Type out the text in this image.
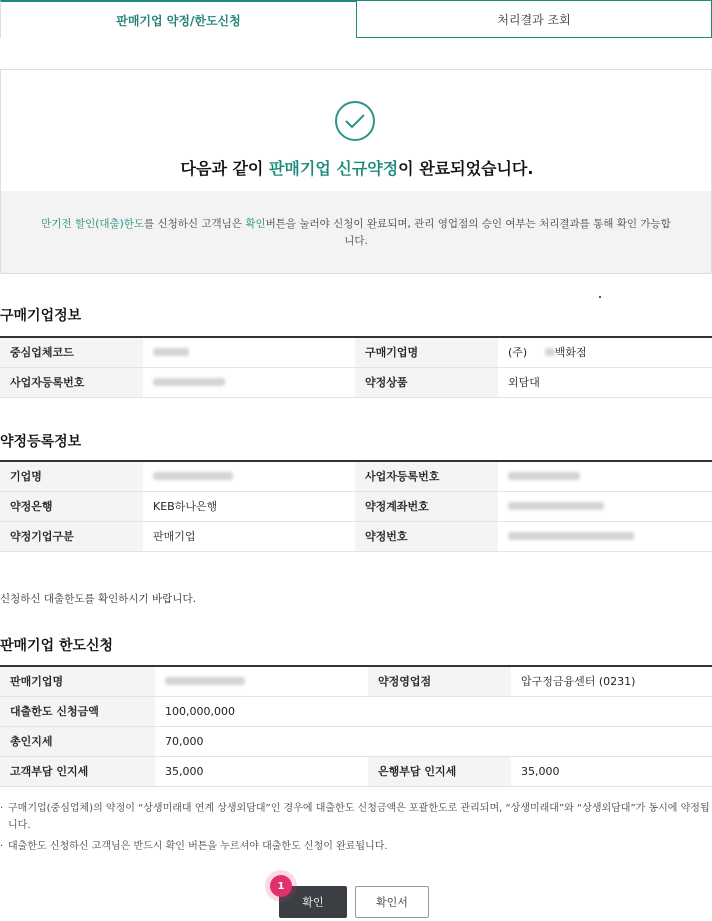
판매기업 약정/한도신청	처리결과 조회
다음과 같이 판매기업 신규약정이 완료되었습니다.
만기전 할인(대출)한도를 신청하신 고객님은 확인버튼을 눌러야 신청이 완료되며, 관리 영업점의 승인 여부는 처리결과를 통해 확인 가능합니다.
구매기업정보
중심업체코드		구매기업명	(주) 백화점
사업자등록번호		약정상품	외담대
약정등록정보
기업명		사업자등록번호	
약정은행	KEB하나은행	약정계좌번호	
약정기업구분	판매기업	약정번호	
신청하신 대출한도를 확인하시기 바랍니다.
판매기업 한도신청
판매기업명		약정영업점	압구정금융센터 (0231)
대출한도 신청금액	100,000,000		
총인지세	70,000		
고객부담 인지세	35,000	은행부담 인지세	35,000
· 구매기업(중심업체)의 약정이 “상생미래대 연계 상생외담대”인 경우에 대출한도 신청금액은 포괄한도로 관리되며, “상생미래대”와 “상생외담대”가 동시에 약정됩니다.
· 대출한도 신청하신 고객님은 반드시 확인 버튼을 누르셔야 대출한도 신청이 완료됩니다.
확인	확인서
1
